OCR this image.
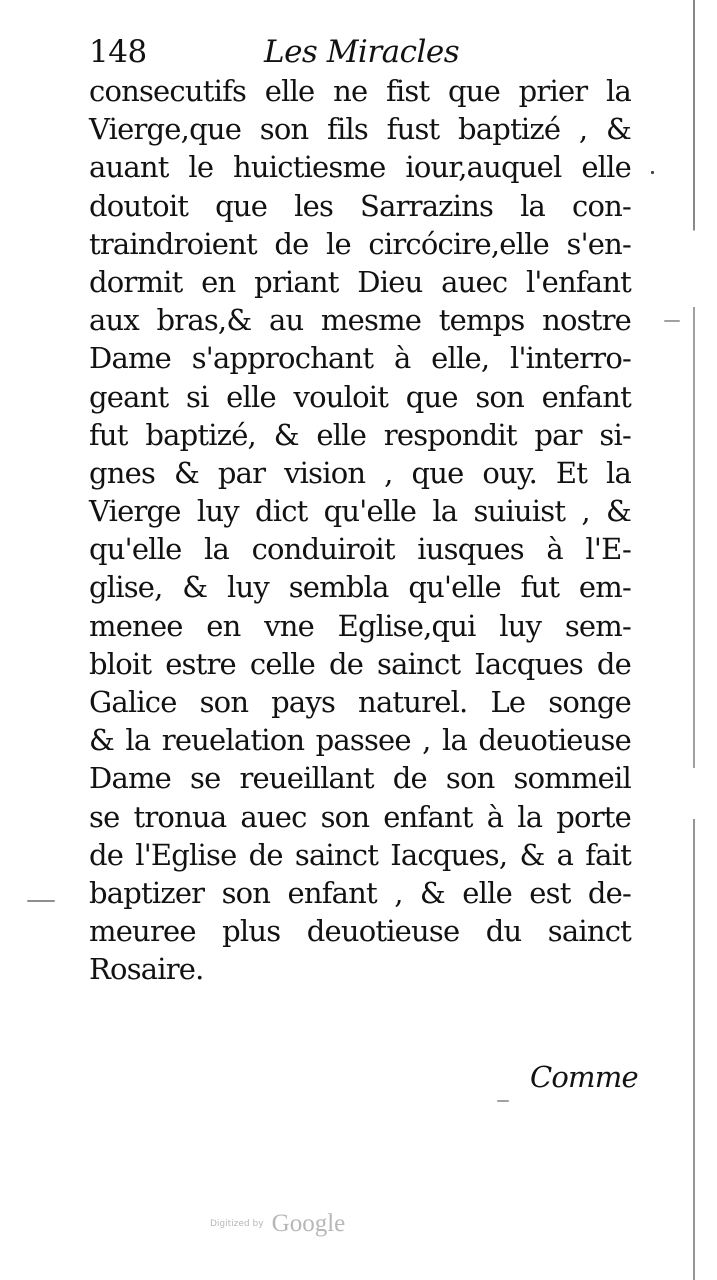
148	Les Miracles
consecutifs elle ne fist que prier la
Vierge,que son fils fust baptizé , &
auant le huictiesme iour,auquel elle
doutoit que les Sarrazins la con-
traindroient de le circócire,elle s'en-
dormit en priant Dieu auec l'enfant
aux bras,& au mesme temps nostre
Dame s'approchant à elle, l'interro-
geant si elle vouloit que son enfant
fut baptizé, & elle respondit par si-
gnes & par vision , que ouy. Et la
Vierge luy dict qu'elle la suiuist , &
qu'elle la conduiroit iusques à l'E-
glise, & luy sembla qu'elle fut em-
menee en vne Eglise,qui luy sem-
bloit estre celle de sainct Iacques de
Galice son pays naturel. Le songe
& la reuelation passee , la deuotieuse
Dame se reueillant de son sommeil
se tronua auec son enfant à la porte
de l'Eglise de sainct Iacques, & a fait
baptizer son enfant , & elle est de-
meuree plus deuotieuse du sainct
Rosaire.
Comme
Digitized by Google
